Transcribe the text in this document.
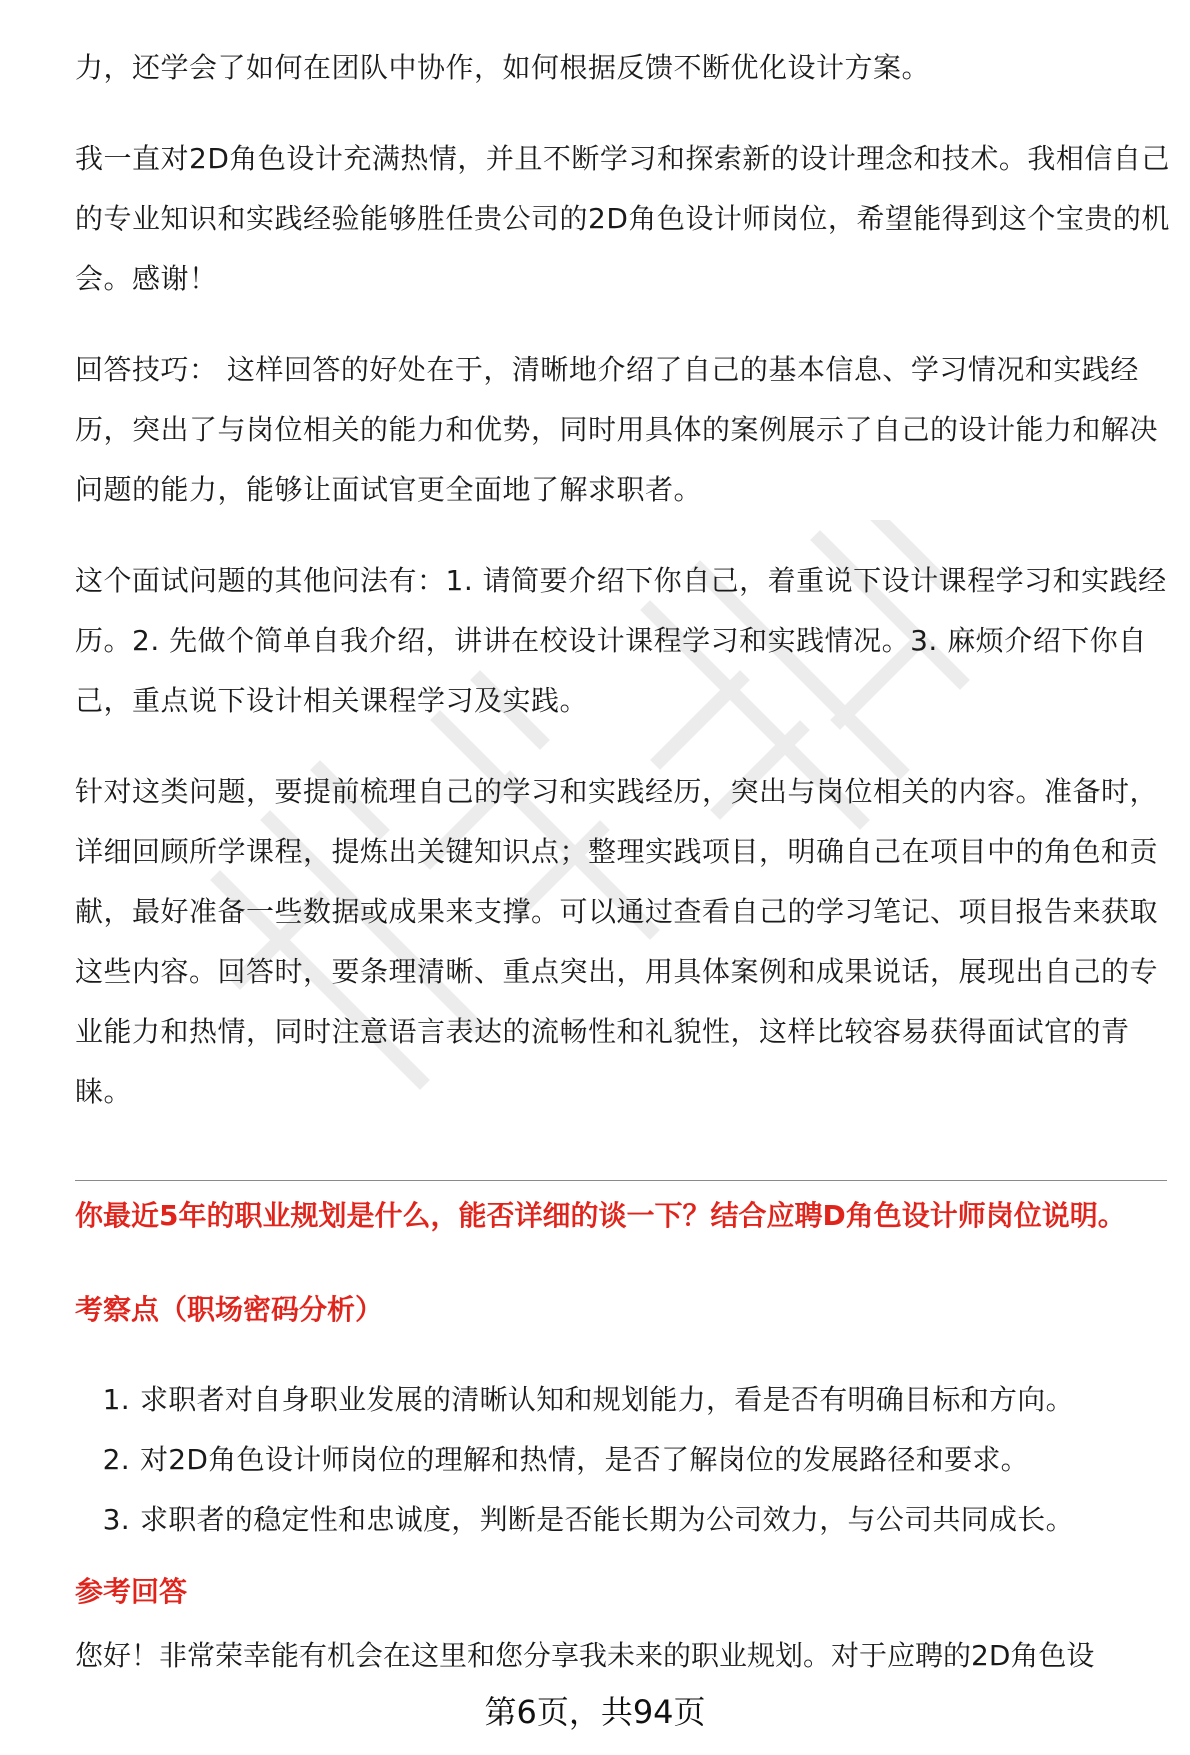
力，还学会了如何在团队中协作，如何根据反馈不断优化设计方案。

我一直对2D角色设计充满热情，并且不断学习和探索新的设计理念和技术。我相信自己的专业知识和实践经验能够胜任贵公司的2D角色设计师岗位，希望能得到这个宝贵的机会。感谢！

回答技巧： 这样回答的好处在于，清晰地介绍了自己的基本信息、学习情况和实践经历，突出了与岗位相关的能力和优势，同时用具体的案例展示了自己的设计能力和解决问题的能力，能够让面试官更全面地了解求职者。

这个面试问题的其他问法有：1. 请简要介绍下你自己，着重说下设计课程学习和实践经历。2. 先做个简单自我介绍，讲讲在校设计课程学习和实践情况。3. 麻烦介绍下你自己，重点说下设计相关课程学习及实践。

针对这类问题，要提前梳理自己的学习和实践经历，突出与岗位相关的内容。准备时，详细回顾所学课程，提炼出关键知识点；整理实践项目，明确自己在项目中的角色和贡献，最好准备一些数据或成果来支撑。可以通过查看自己的学习笔记、项目报告来获取这些内容。回答时，要条理清晰、重点突出，用具体案例和成果说话，展现出自己的专业能力和热情，同时注意语言表达的流畅性和礼貌性，这样比较容易获得面试官的青睐。

你最近5年的职业规划是什么，能否详细的谈一下？结合应聘D角色设计师岗位说明。

考察点（职场密码分析）

1. 求职者对自身职业发展的清晰认知和规划能力，看是否有明确目标和方向。
2. 对2D角色设计师岗位的理解和热情，是否了解岗位的发展路径和要求。
3. 求职者的稳定性和忠诚度，判断是否能长期为公司效力，与公司共同成长。

参考回答

您好！非常荣幸能有机会在这里和您分享我未来的职业规划。对于应聘的2D角色设

第6页，共94页
